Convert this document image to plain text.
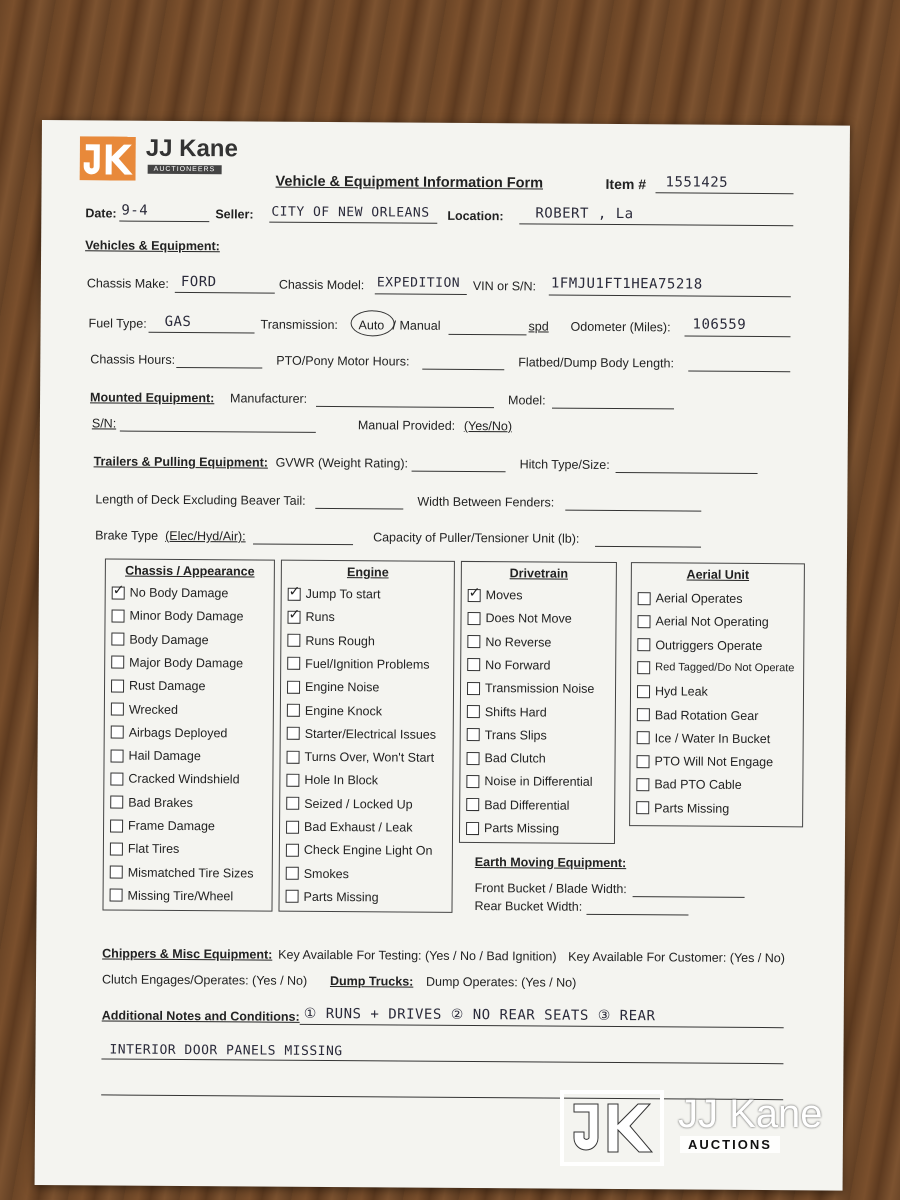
JJ Kane
AUCTIONEERS
Vehicle & Equipment Information Form	Item # 1551425
Date: 9-4	Seller: CITY OF NEW ORLEANS Location: ROBERT , La
Vehicles & Equipment:
Chassis Make: FORD	Chassis Model: EXPEDITION VIN or S/N: 1FMJU1FT1HEA75218
Fuel Type: GAS	Transmission: Auto / Manual	spd Odometer (Miles): 106559
Chassis Hours:	PTO/Pony Motor Hours:	Flatbed/Dump Body Length:
Mounted Equipment: Manufacturer:	Model:
S/N:	Manual Provided: (Yes/No)
Trailers & Pulling Equipment: GVWR (Weight Rating):	Hitch Type/Size:
Length of Deck Excluding Beaver Tail:	Width Between Fenders:
Brake Type (Elec/Hyd/Air):	Capacity of Puller/Tensioner Unit (lb):
Chassis / Appearance
✓
No Body Damage
Minor Body Damage
Body Damage
Major Body Damage
Rust Damage
Wrecked
Airbags Deployed
Hail Damage
Cracked Windshield
Bad Brakes
Frame Damage
Flat Tires
Mismatched Tire Sizes
Missing Tire/Wheel
Engine
✓
Jump To start
✓
Runs
Runs Rough
Fuel/Ignition Problems
Engine Noise
Engine Knock
Starter/Electrical Issues
Turns Over, Won't Start
Hole In Block
Seized / Locked Up
Bad Exhaust / Leak
Check Engine Light On
Smokes
Parts Missing
Drivetrain
✓
Moves
Does Not Move
No Reverse
No Forward
Transmission Noise
Shifts Hard
Trans Slips
Bad Clutch
Noise in Differential
Bad Differential
Parts Missing
Aerial Unit
Aerial Operates
Aerial Not Operating
Outriggers Operate
Red Tagged/Do Not Operate
Hyd Leak
Bad Rotation Gear
Ice / Water In Bucket
PTO Will Not Engage
Bad PTO Cable
Parts Missing
Earth Moving Equipment:
Front Bucket / Blade Width:
Rear Bucket Width:
Chippers & Misc Equipment: Key Available For Testing: (Yes / No / Bad Ignition) Key Available For Customer: (Yes / No)
Clutch Engages/Operates: (Yes / No) Dump Trucks: Dump Operates: (Yes / No)
Additional Notes and Conditions: ① RUNS + DRIVES ② NO REAR SEATS ③ REAR
INTERIOR DOOR PANELS MISSING
JJ Kane
AUCTIONS
